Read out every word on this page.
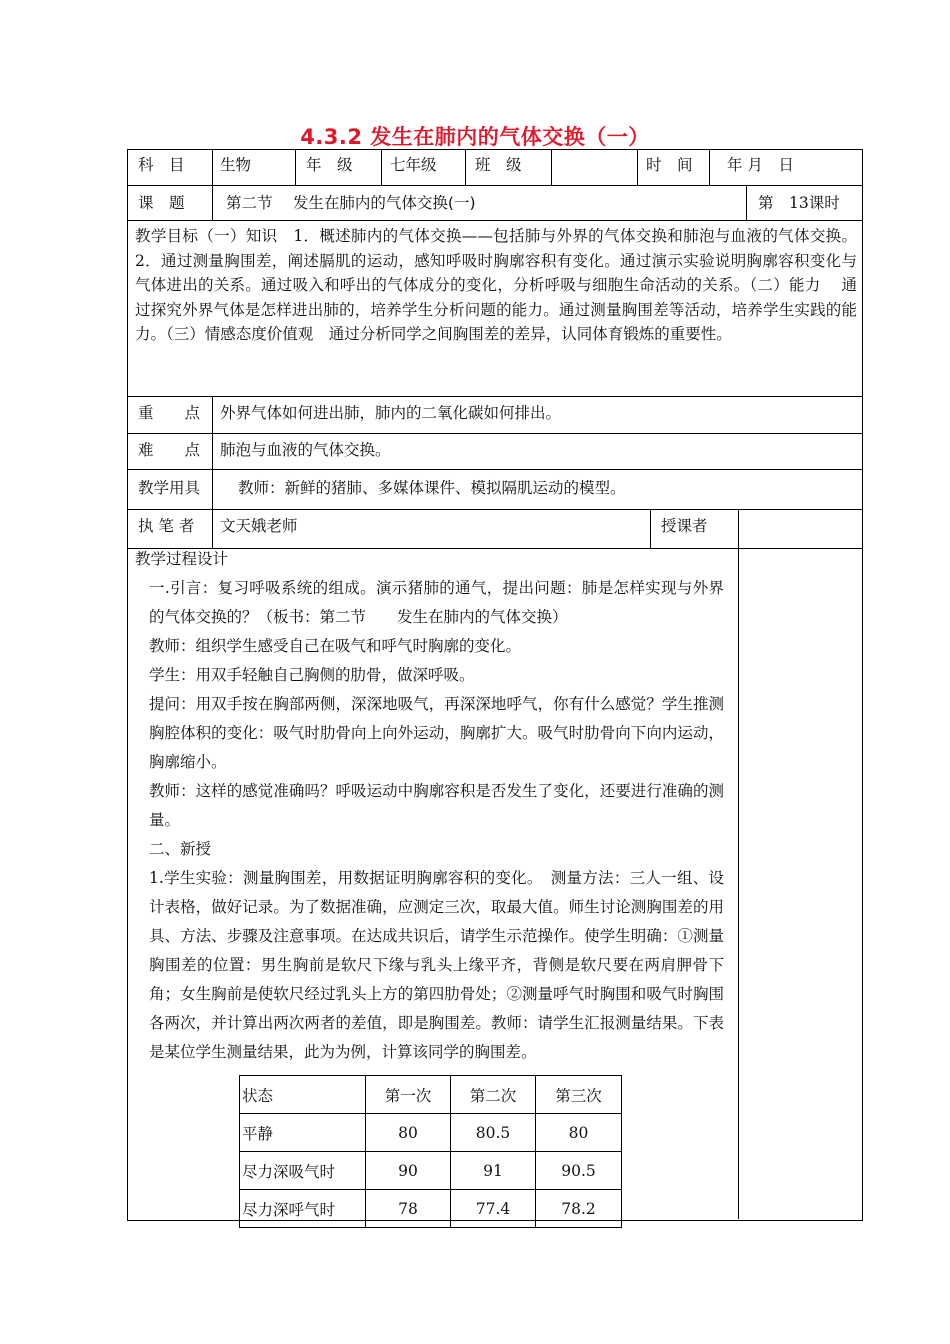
4.3.2 发生在肺内的气体交换（一）
科　目 生物	年　级 七年级 班　级	时　间 年 月　日
课　题	第二节　 发生在肺内的气体交换(一)	第　13课时
教学目标（一）知识　1．概述肺内的气体交换——包括肺与外界的气体交换和肺泡与血液的气体交换。2．通过测量胸围差，阐述膈肌的运动，感知呼吸时胸廓容积有变化。通过演示实验说明胸廓容积变化与气体进出的关系。通过吸入和呼出的气体成分的变化，分析呼吸与细胞生命活动的关系。（二）能力　 通过探究外界气体是怎样进出肺的，培养学生分析问题的能力。通过测量胸围差等活动，培养学生实践的能力。（三）情感态度价值观　通过分析同学之间胸围差的差异，认同体育锻炼的重要性。
重　　点 外界气体如何进出肺，肺内的二氧化碳如何排出。
难　　点 肺泡与血液的气体交换。
教学用具 教师：新鲜的猪肺、多媒体课件、模拟隔肌运动的模型。
执 笔 者 文天娥老师	授课者
教学过程设计

一.引言：复习呼吸系统的组成。演示猪肺的通气，提出问题：肺是怎样实现与外界的气体交换的？（板书：第二节　　发生在肺内的气体交换）

教师：组织学生感受自己在吸气和呼气时胸廓的变化。

学生：用双手轻触自己胸侧的肋骨，做深呼吸。

提问：用双手按在胸部两侧，深深地吸气，再深深地呼气，你有什么感觉？学生推测胸腔体积的变化：吸气时肋骨向上向外运动，胸廓扩大。吸气时肋骨向下向内运动，胸廓缩小。

教师：这样的感觉准确吗？呼吸运动中胸廓容积是否发生了变化，还要进行准确的测量。

二、新授

1.学生实验：测量胸围差，用数据证明胸廓容积的变化。　测量方法：三人一组、设计表格，做好记录。为了数据准确，应测定三次，取最大值。师生讨论测胸围差的用具、方法、步骤及注意事项。在达成共识后，请学生示范操作。使学生明确：①测量胸围差的位置：男生胸前是软尺下缘与乳头上缘平齐，背侧是软尺要在两肩胛骨下角；女生胸前是使软尺经过乳头上方的第四肋骨处；②测量呼气时胸围和吸气时胸围各两次，并计算出两次两者的差值，即是胸围差。教师：请学生汇报测量结果。下表是某位学生测量结果，此为为例，计算该同学的胸围差。

状态	第一次	第二次	第三次
平静	80	80.5	80
尽力深吸气时	90	91	90.5
尽力深呼气时	78	77.4	78.2
